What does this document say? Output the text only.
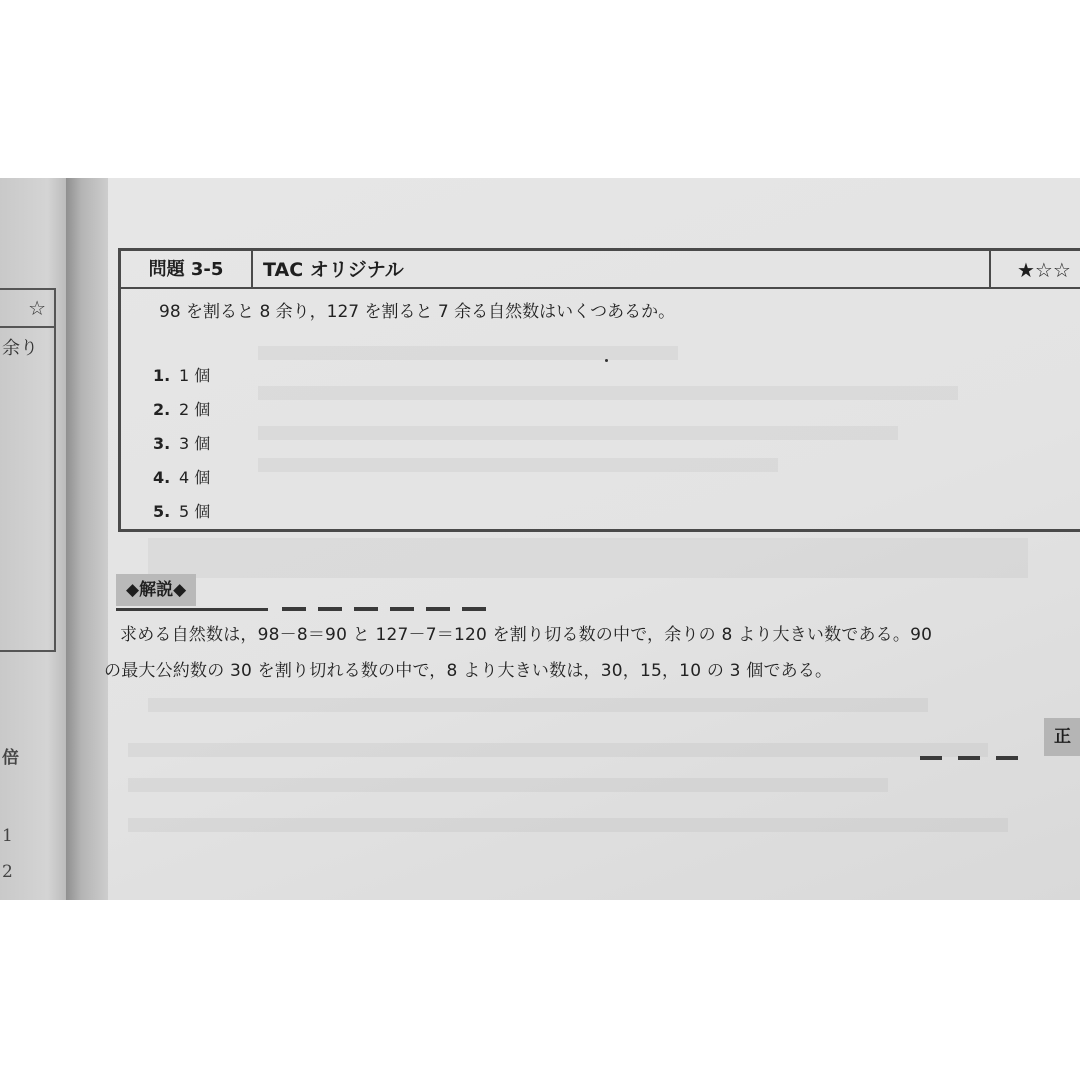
☆
余り
倍
1
2
問題 3-5	TAC オリジナル	★☆☆
98 を割ると 8 余り，127 を割ると 7 余る自然数はいくつあるか。
1. 1 個
2. 2 個
3. 3 個
4. 4 個
5. 5 個
◆解説◆
求める自然数は，98－8＝90 と 127－7＝120 を割り切る数の中で，余りの 8 より大きい数である。90
の最大公約数の 30 を割り切れる数の中で，8 より大きい数は，30，15，10 の 3 個である。
正
